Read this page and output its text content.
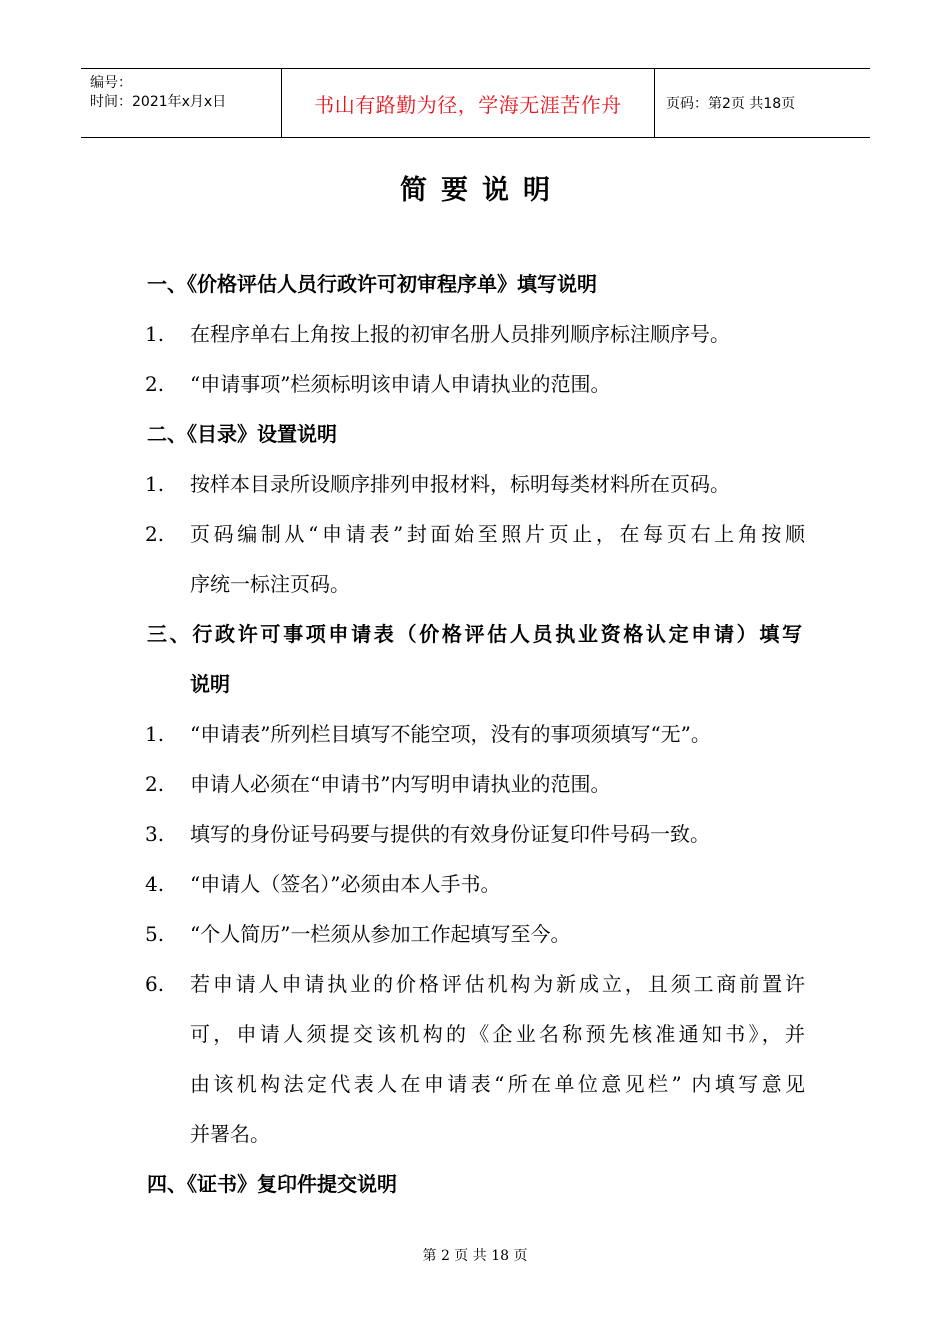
编号：
时间：2021年x月x日	书山有路勤为径，学海无涯苦作舟	页码：第2页 共18页
简要说明
一、《价格评估人员行政许可初审程序单》填写说明
1.	在程序单右上角按上报的初审名册人员排列顺序标注顺序号。
2.	“申请事项”栏须标明该申请人申请执业的范围。
二、《目录》设置说明
1.	按样本目录所设顺序排列申报材料，标明每类材料所在页码。
2.	页码编制从“申请表”封面始至照片页止，在每页右上角按顺
序统一标注页码。
三、行政许可事项申请表（价格评估人员执业资格认定申请）填写
说明
1.	“申请表”所列栏目填写不能空项，没有的事项须填写“无”。
2.	申请人必须在“申请书”内写明申请执业的范围。
3.	填写的身份证号码要与提供的有效身份证复印件号码一致。
4.	“申请人（签名）”必须由本人手书。
5.	“个人简历”一栏须从参加工作起填写至今。
6.	若申请人申请执业的价格评估机构为新成立，且须工商前置许
可，申请人须提交该机构的《企业名称预先核准通知书》，并
由该机构法定代表人在申请表“所在单位意见栏” 内填写意见
并署名。
四、《证书》复印件提交说明
第 2 页 共 18 页
